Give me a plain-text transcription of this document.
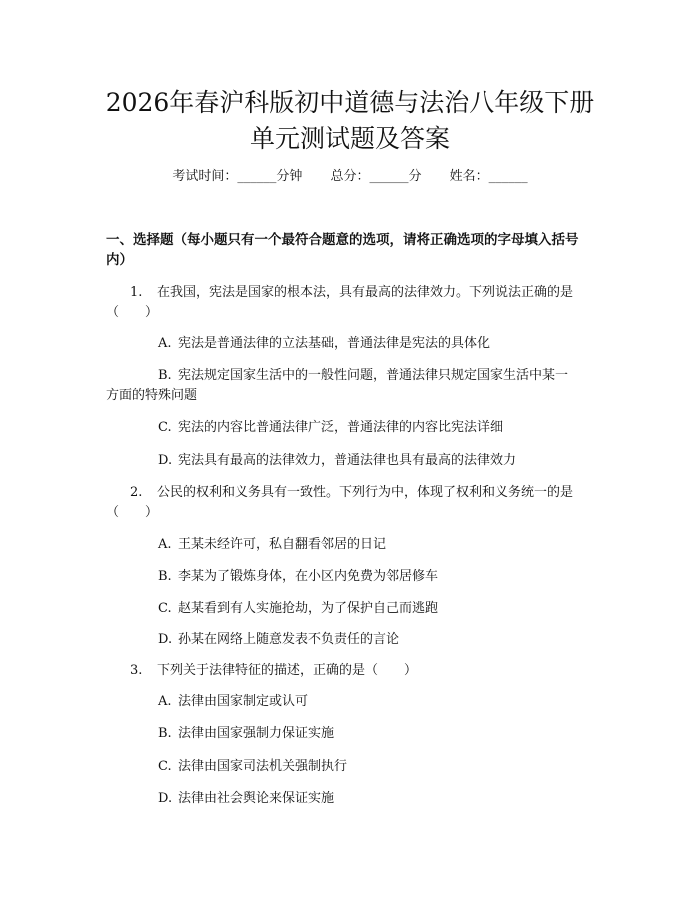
2026年春沪科版初中道德与法治八年级下册
单元测试题及答案
考试时间：______分钟 总分：______分 姓名：______
一、选择题（每小题只有一个最符合题意的选项，请将正确选项的字母填入括号
内）
1. 在我国，宪法是国家的根本法，具有最高的法律效力。下列说法正确的是
（　　）
A. 宪法是普通法律的立法基础，普通法律是宪法的具体化
B. 宪法规定国家生活中的一般性问题，普通法律只规定国家生活中某一
方面的特殊问题
C. 宪法的内容比普通法律广泛，普通法律的内容比宪法详细
D. 宪法具有最高的法律效力，普通法律也具有最高的法律效力
2. 公民的权利和义务具有一致性。下列行为中，体现了权利和义务统一的是
（　　）
A. 王某未经许可，私自翻看邻居的日记
B. 李某为了锻炼身体，在小区内免费为邻居修车
C. 赵某看到有人实施抢劫，为了保护自己而逃跑
D. 孙某在网络上随意发表不负责任的言论
3. 下列关于法律特征的描述，正确的是（　　）
A. 法律由国家制定或认可
B. 法律由国家强制力保证实施
C. 法律由国家司法机关强制执行
D. 法律由社会舆论来保证实施
